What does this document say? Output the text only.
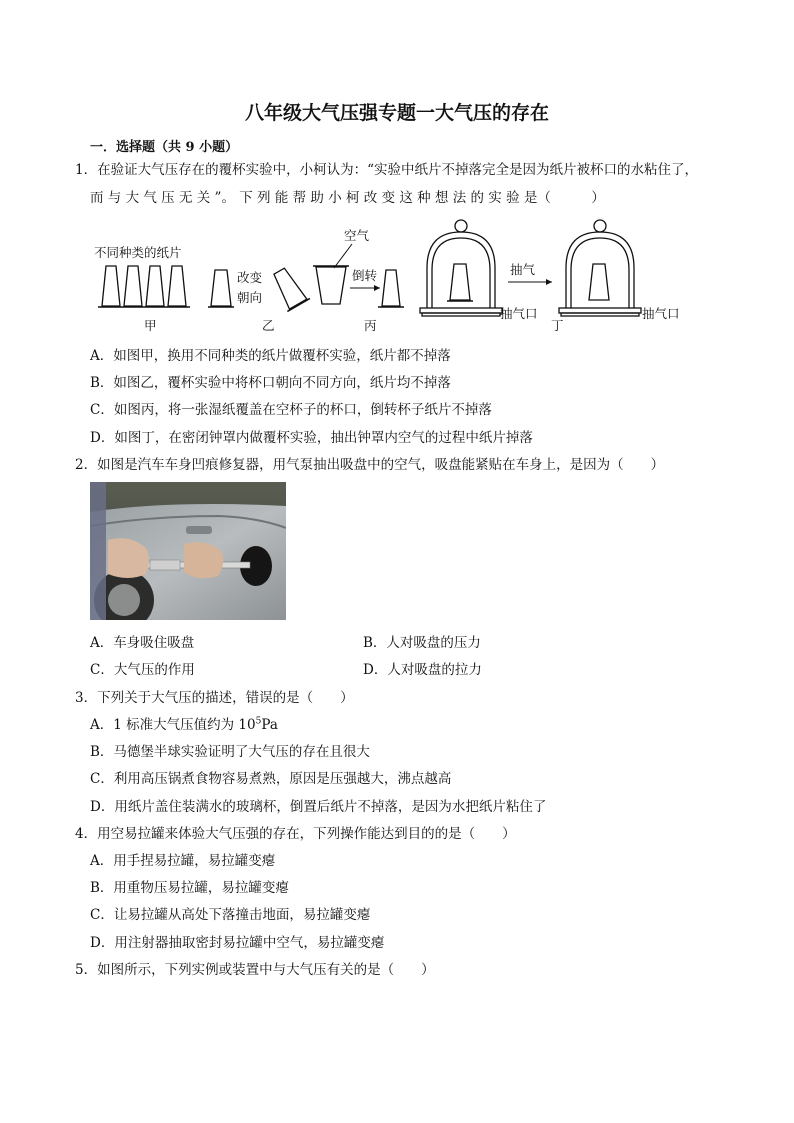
八年级大气压强专题一大气压的存在
一．选择题（共 9 小题）
1．在验证大气压存在的覆杯实验中，小柯认为：“实验中纸片不掉落完全是因为纸片被杯口的水粘住了，
而 与 大 气 压 无 关 ”。 下 列 能 帮 助 小 柯 改 变 这 种 想 法 的 实 验 是（　　　）
不同种类的纸片
甲
改变
朝向
乙
空气
倒转
丙
抽气
抽气口
丁
抽气口
A．如图甲，换用不同种类的纸片做覆杯实验，纸片都不掉落
B．如图乙，覆杯实验中将杯口朝向不同方向，纸片均不掉落
C．如图丙，将一张湿纸覆盖在空杯子的杯口，倒转杯子纸片不掉落
D．如图丁，在密闭钟罩内做覆杯实验，抽出钟罩内空气的过程中纸片掉落
2．如图是汽车车身凹痕修复器，用气泵抽出吸盘中的空气，吸盘能紧贴在车身上，是因为（　　）
A．车身吸住吸盘	B．人对吸盘的压力
C．大气压的作用	D．人对吸盘的拉力
3．下列关于大气压的描述，错误的是（　　）
A．1 标准大气压值约为 $10^5Pa$
B．马德堡半球实验证明了大气压的存在且很大
C．利用高压锅煮食物容易煮熟，原因是压强越大，沸点越高
D．用纸片盖住装满水的玻璃杯，倒置后纸片不掉落，是因为水把纸片粘住了
4．用空易拉罐来体验大气压强的存在，下列操作能达到目的的是（　　）
A．用手捏易拉罐，易拉罐变瘪
B．用重物压易拉罐，易拉罐变瘪
C．让易拉罐从高处下落撞击地面，易拉罐变瘪
D．用注射器抽取密封易拉罐中空气，易拉罐变瘪
5．如图所示，下列实例或装置中与大气压有关的是（　　）
